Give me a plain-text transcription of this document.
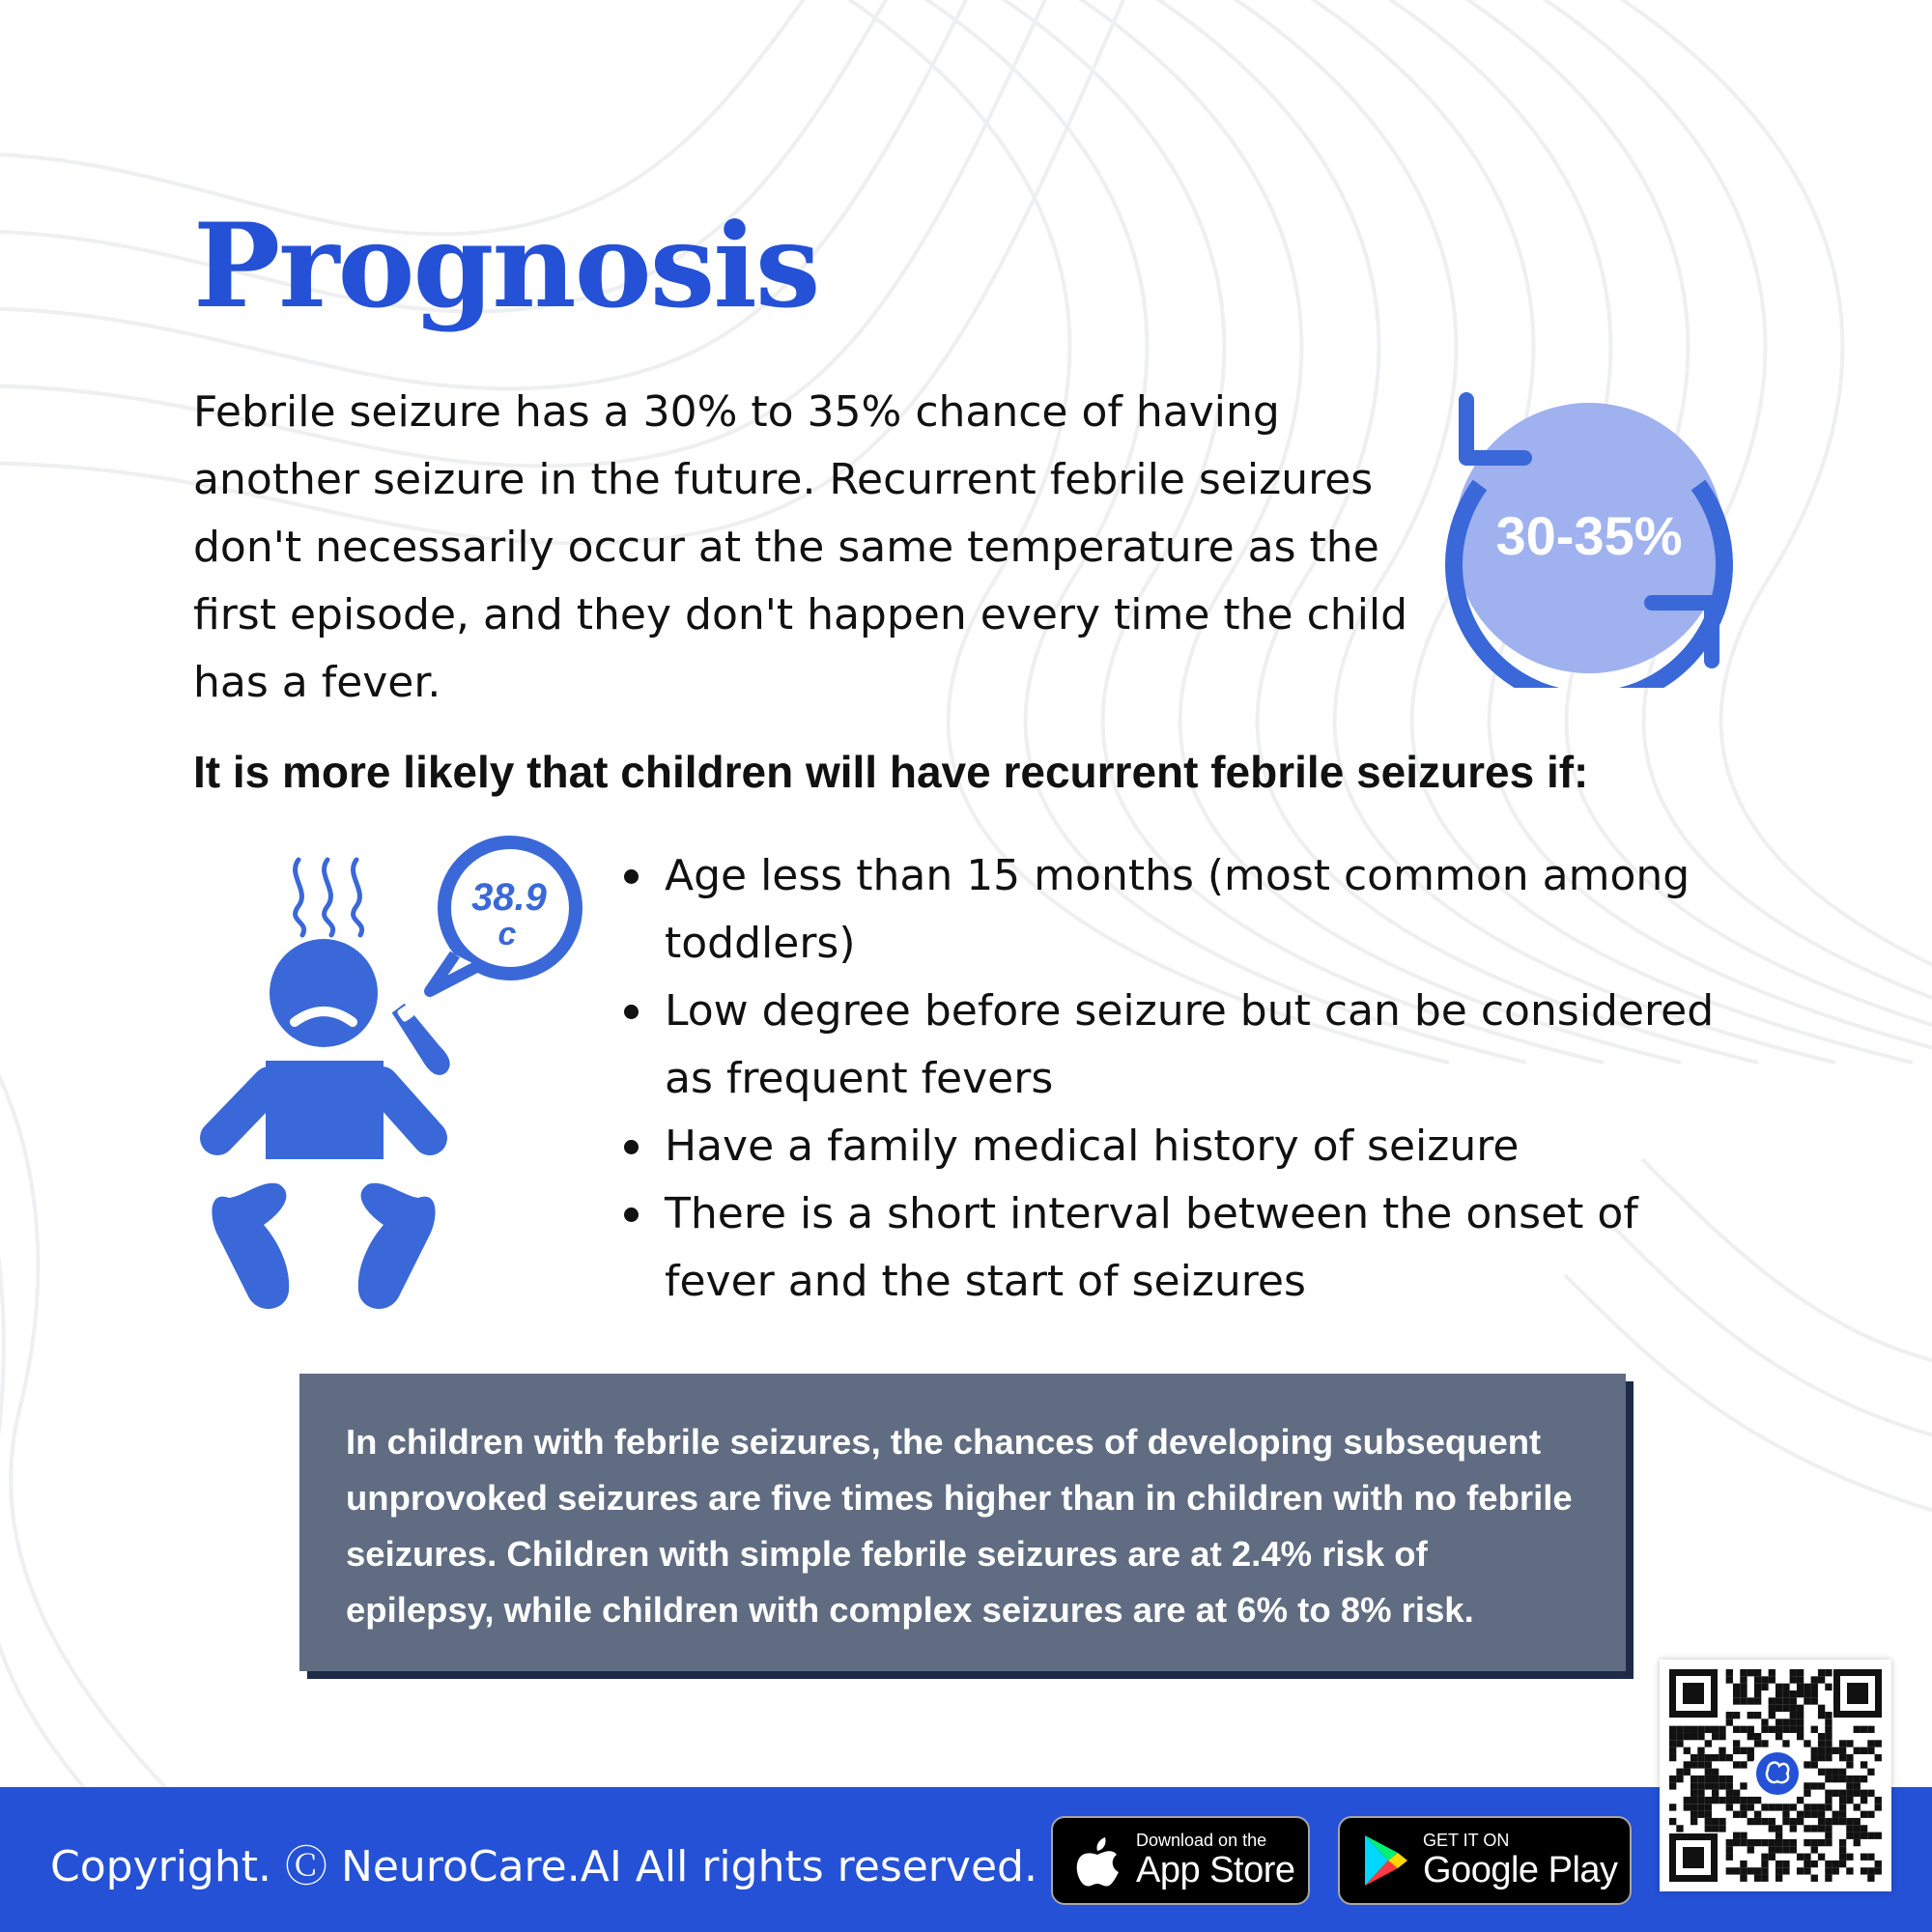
Prognosis

Febrile seizure has a 30% to 35% chance of having another seizure in the future. Recurrent febrile seizures don't necessarily occur at the same temperature as the first episode, and they don't happen every time the child has a fever.

30-35%
It is more likely that children will have recurrent febrile seizures if:
38.9
c
Age less than 15 months (most common among toddlers)
Low degree before seizure but can be considered as frequent fevers
Have a family medical history of seizure
There is a short interval between the onset of fever and the start of seizures

In children with febrile seizures, the chances of developing subsequent unprovoked seizures are five times higher than in children with no febrile seizures. Children with simple febrile seizures are at 2.4% risk of epilepsy, while children with complex seizures are at 6% to 8% risk.

Copyright. Ⓒ NeuroCare.AI All rights reserved.

Download on the
App Store
GET IT ON
Google Play
